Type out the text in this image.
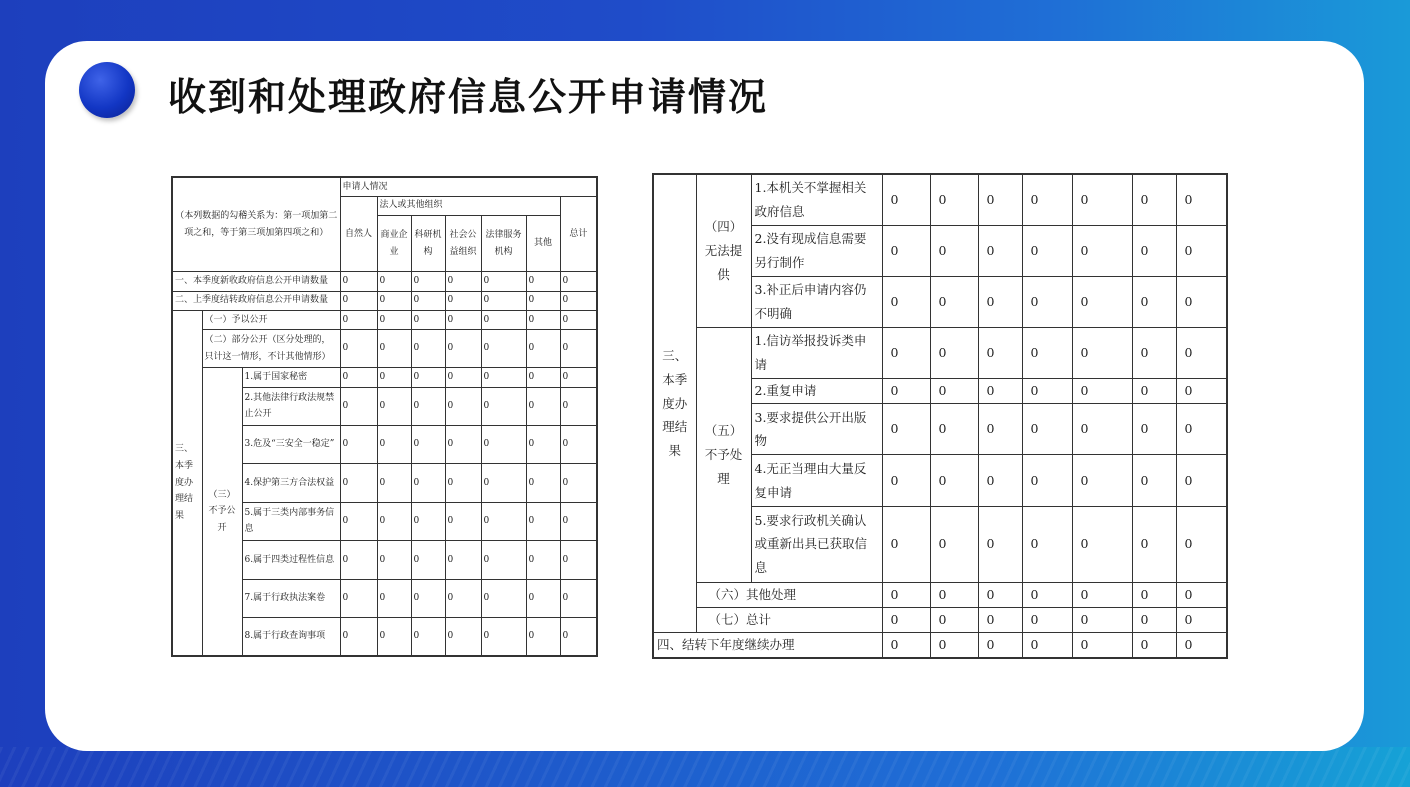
收到和处理政府信息公开申请情况
（本列数据的勾稽关系为：第一项加第二项之和，等于第三项加第四项之和）			申请人情况						
			自然人	法人或其他组织					总计
				商业企业	科研机构	社会公益组织	法律服务机构	其他	
一、本季度新收政府信息公开申请数量			0	0	0	0	0	0	0
二、上季度结转政府信息公开申请数量			0	0	0	0	0	0	0
三、本季度办理结果	（一）予以公开		0	0	0	0	0	0	0
	（二）部分公开（区分处理的，只计这一情形，不计其他情形）		0	0	0	0	0	0	0
	（三）不予公开	1.属于国家秘密	0	0	0	0	0	0	0
		2.其他法律行政法规禁止公开	0	0	0	0	0	0	0
		3.危及“三安全一稳定”	0	0	0	0	0	0	0
		4.保护第三方合法权益	0	0	0	0	0	0	0
		5.属于三类内部事务信息	0	0	0	0	0	0	0
		6.属于四类过程性信息	0	0	0	0	0	0	0
		7.属于行政执法案卷	0	0	0	0	0	0	0
		8.属于行政查询事项	0	0	0	0	0	0	0
三、本季度办理结果	（四）无法提供	1.本机关不掌握相关政府信息	0	0	0	0	0	0	0
		2.没有现成信息需要另行制作	0	0	0	0	0	0	0
		3.补正后申请内容仍不明确	0	0	0	0	0	0	0
	（五）不予处理	1.信访举报投诉类申请	0	0	0	0	0	0	0
		2.重复申请	0	0	0	0	0	0	0
		3.要求提供公开出版物	0	0	0	0	0	0	0
		4.无正当理由大量反复申请	0	0	0	0	0	0	0
		5.要求行政机关确认或重新出具已获取信息	0	0	0	0	0	0	0
	（六）其他处理		0	0	0	0	0	0	0
	（七）总计		0	0	0	0	0	0	0
四、结转下年度继续办理			0	0	0	0	0	0	0
